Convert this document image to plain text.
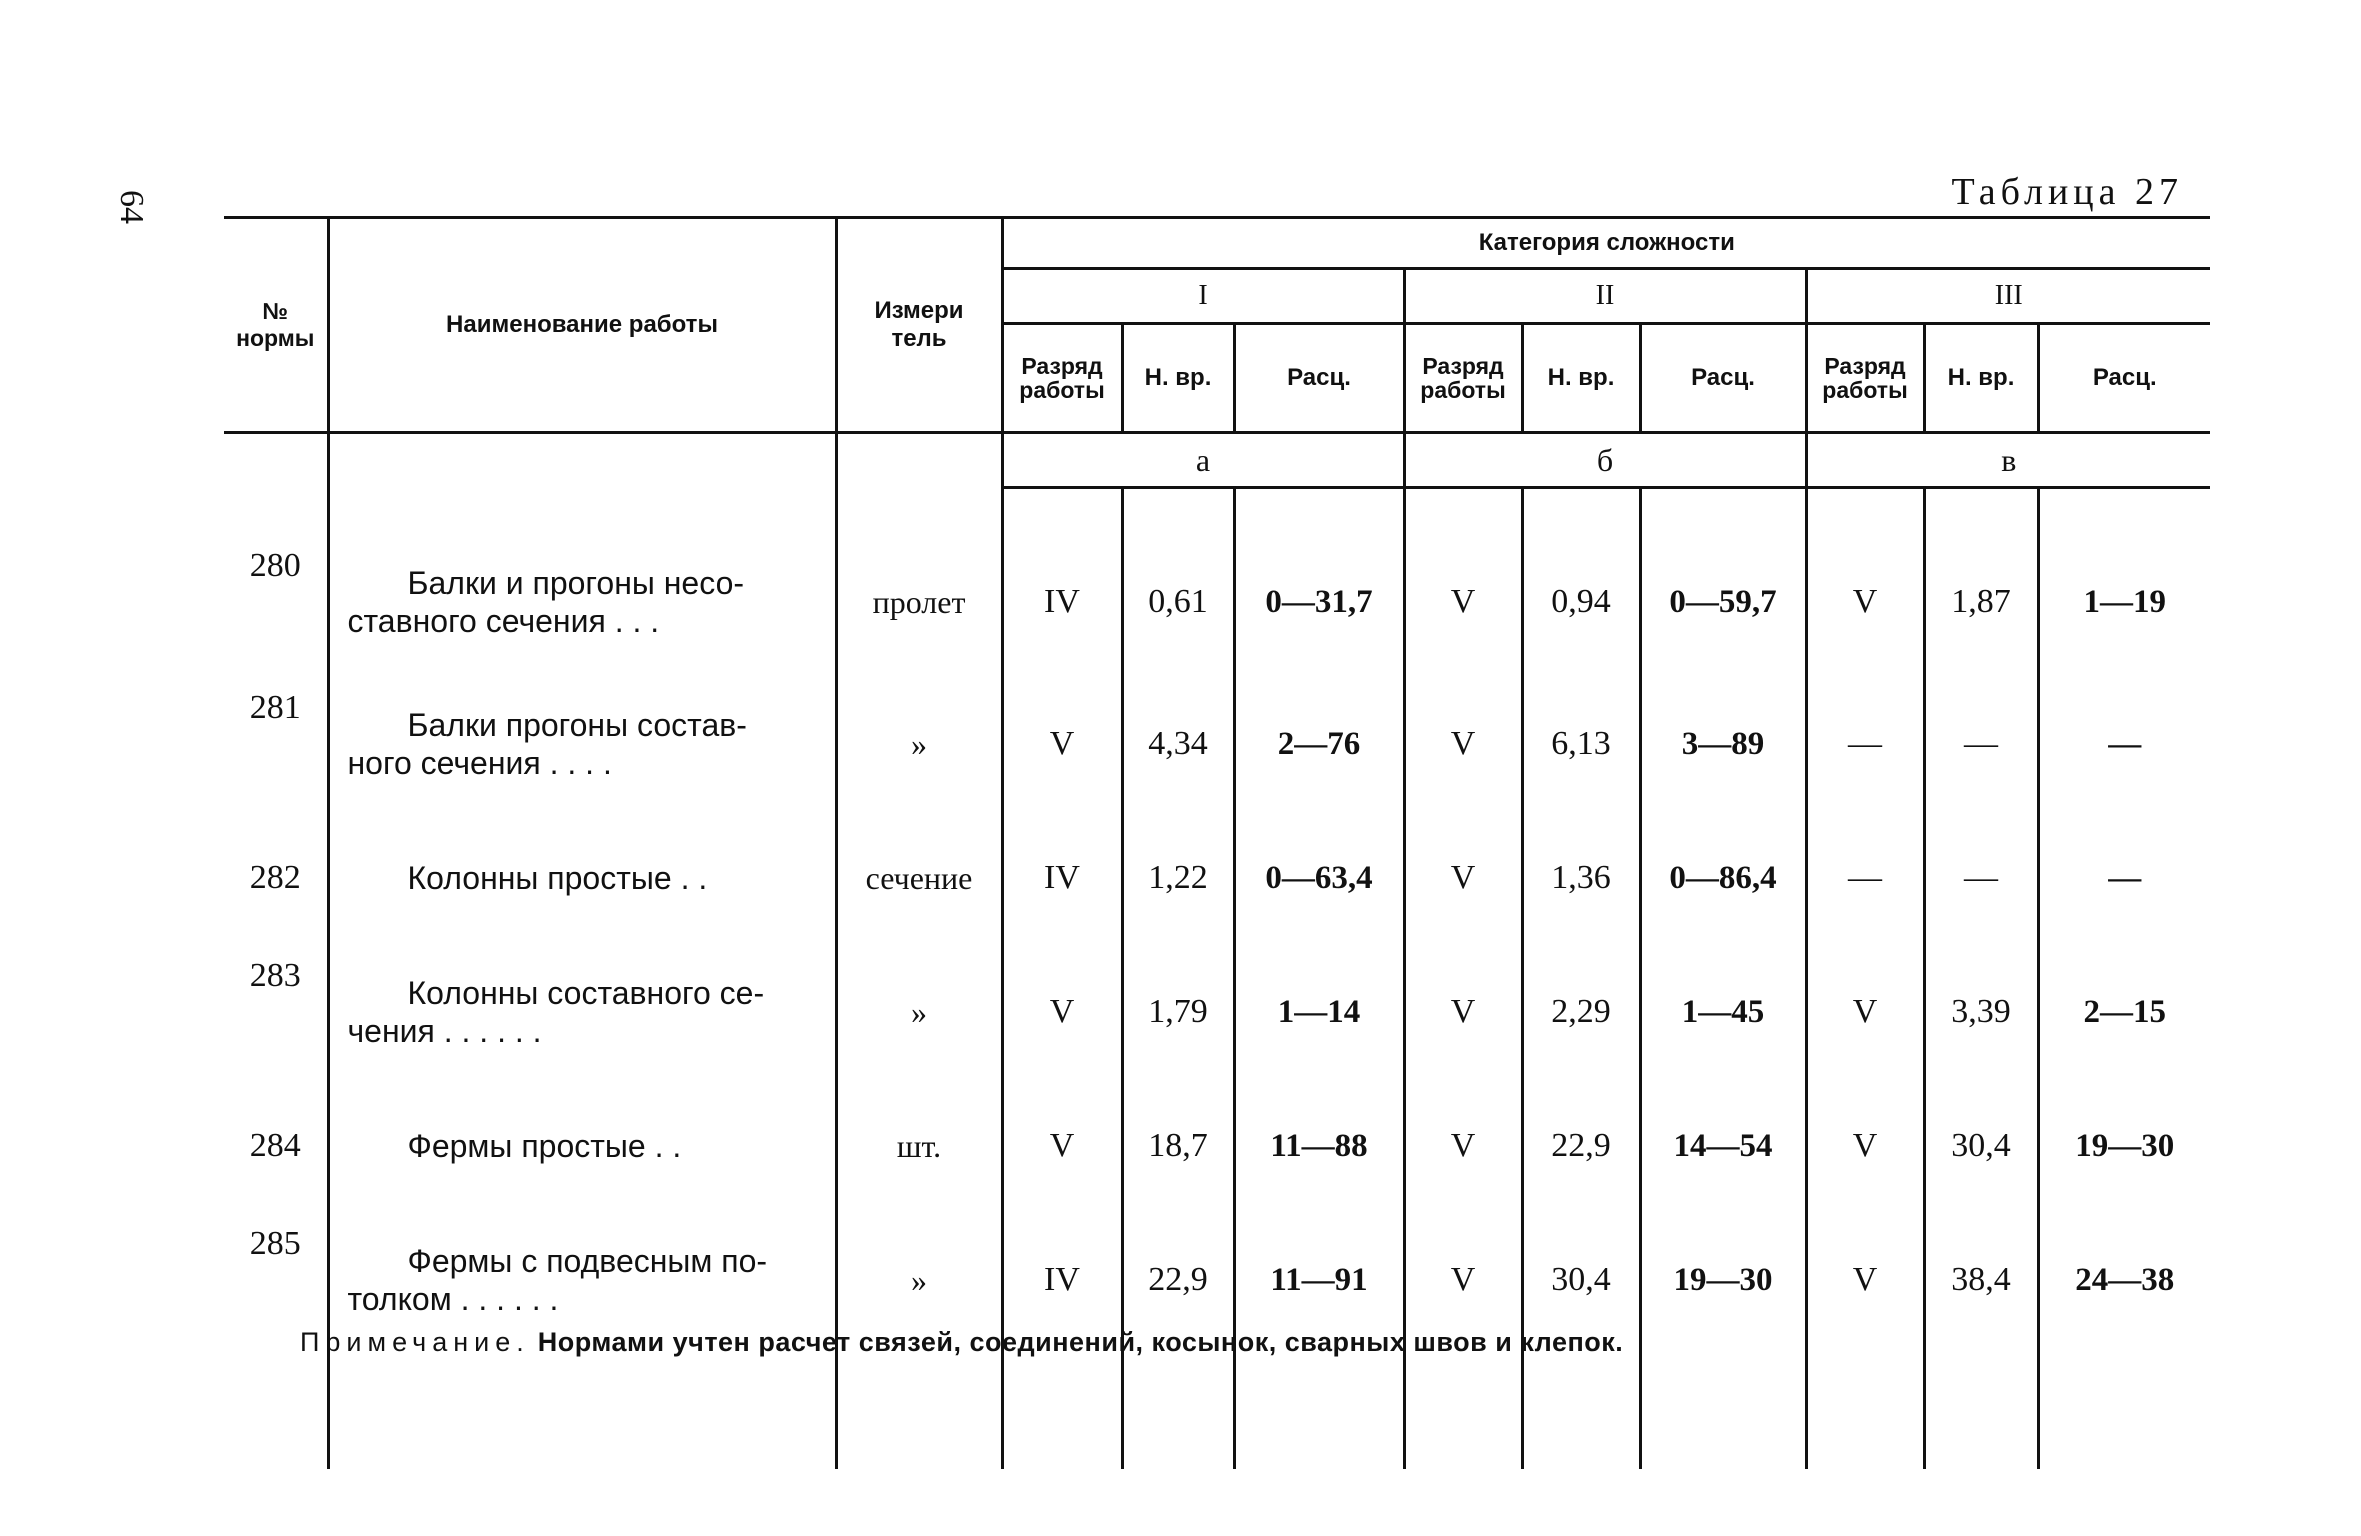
64	Таблица 27
№ нормы	Наименование работы	Измеритель	Категория сложности								
			I			II			III		
			Разряд работы	Н. вр.	Расц.	Разряд работы	Н. вр.	Расц.	Разряд работы	Н. вр.	Расц.
			а			б			в		

280	Балки и прогоны несо-
ставного сечения . . .	пролет	IV	0,61	0—31,7	V	0,94	0—59,7	V	1,87	1—19
281	Балки прогоны состав-
ного сечения . . . .	»	V	4,34	2—76	V	6,13	3—89	—	—	—
282	Колонны простые . .	сечение	IV	1,22	0—63,4	V	1,36	0—86,4	—	—	—
283	Колонны составного се-
чения . . . . . .	»	V	1,79	1—14	V	2,29	1—45	V	3,39	2—15
284	Фермы простые . .	шт.	V	18,7	11—88	V	22,9	14—54	V	30,4	19—30
285	Фермы с подвесным по-
толком . . . . . .	»	IV	22,9	11—91	V	30,4	19—30	V	38,4	24—38

Примечание. Нормами учтен расчет связей, соединений, косынок, сварных швов и клепок.
